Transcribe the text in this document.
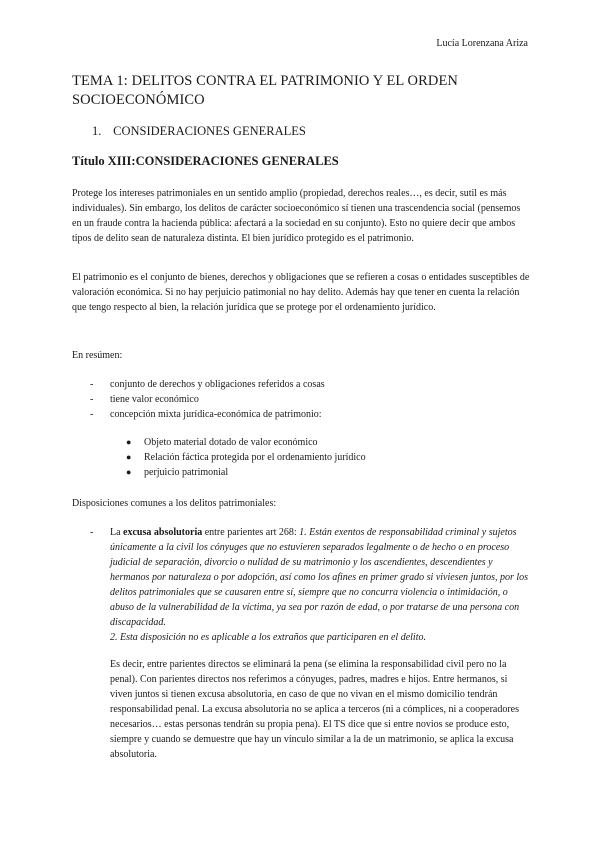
Lucía Lorenzana Ariza
TEMA 1: DELITOS CONTRA EL PATRIMONIO Y EL ORDEN SOCIOECONÓMICO
1. CONSIDERACIONES GENERALES
Título XIII:CONSIDERACIONES GENERALES

Protege los intereses patrimoniales en un sentido amplio (propiedad, derechos reales…, es decir, sutil es más individuales). Sin embargo, los delitos de carácter socioeconómico sí tienen una trascendencia social (pensemos en un fraude contra la hacienda pública: afectará a la sociedad en su conjunto). Esto no quiere decir que ambos tipos de delito sean de naturaleza distinta. El bien jurídico protegido es el patrimonio.

El patrimonio es el conjunto de bienes, derechos y obligaciones que se refieren a cosas o entidades susceptibles de valoración económica. Si no hay perjuicio patimonial no hay delito. Además hay que tener en cuenta la relación que tengo respecto al bien, la relación jurídica que se protege por el ordenamiento jurídico.

En resúmen:

- conjunto de derechos y obligaciones referidos a cosas
- tiene valor económico
- concepción mixta jurídica-económica de patrimonio:
● Objeto material dotado de valor económico
● Relación fáctica protegida por el ordenamiento jurídico
● perjuicio patrimonial

Disposiciones comunes a los delitos patrimoniales:

- La excusa absolutoria entre parientes art 268: 1. Están exentos de responsabilidad criminal y sujetos únicamente a la civil los cónyuges que no estuvieren separados legalmente o de hecho o en proceso judicial de separación, divorcio o nulidad de su matrimonio y los ascendientes, descendientes y hermanos por naturaleza o por adopción, así como los afines en primer grado si viviesen juntos, por los delitos patrimoniales que se causaren entre sí, siempre que no concurra violencia o intimidación, o abuso de la vulnerabilidad de la víctima, ya sea por razón de edad, o por tratarse de una persona con discapacidad.
2. Esta disposición no es aplicable a los extraños que participaren en el delito.

Es decir, entre parientes directos se eliminará la pena (se elimina la responsabilidad civil pero no la penal). Con parientes directos nos referimos a cónyuges, padres, madres e hijos. Entre hermanos, si viven juntos si tienen excusa absolutoria, en caso de que no vivan en el mismo domicilio tendrán responsabilidad penal. La excusa absolutoria no se aplica a terceros (ni a cómplices, ni a cooperadores necesarios… estas personas tendrán su propia pena). El TS dice que si entre novios se produce esto, siempre y cuando se demuestre que hay un vínculo similar a la de un matrimonio, se aplica la excusa absolutoria.
